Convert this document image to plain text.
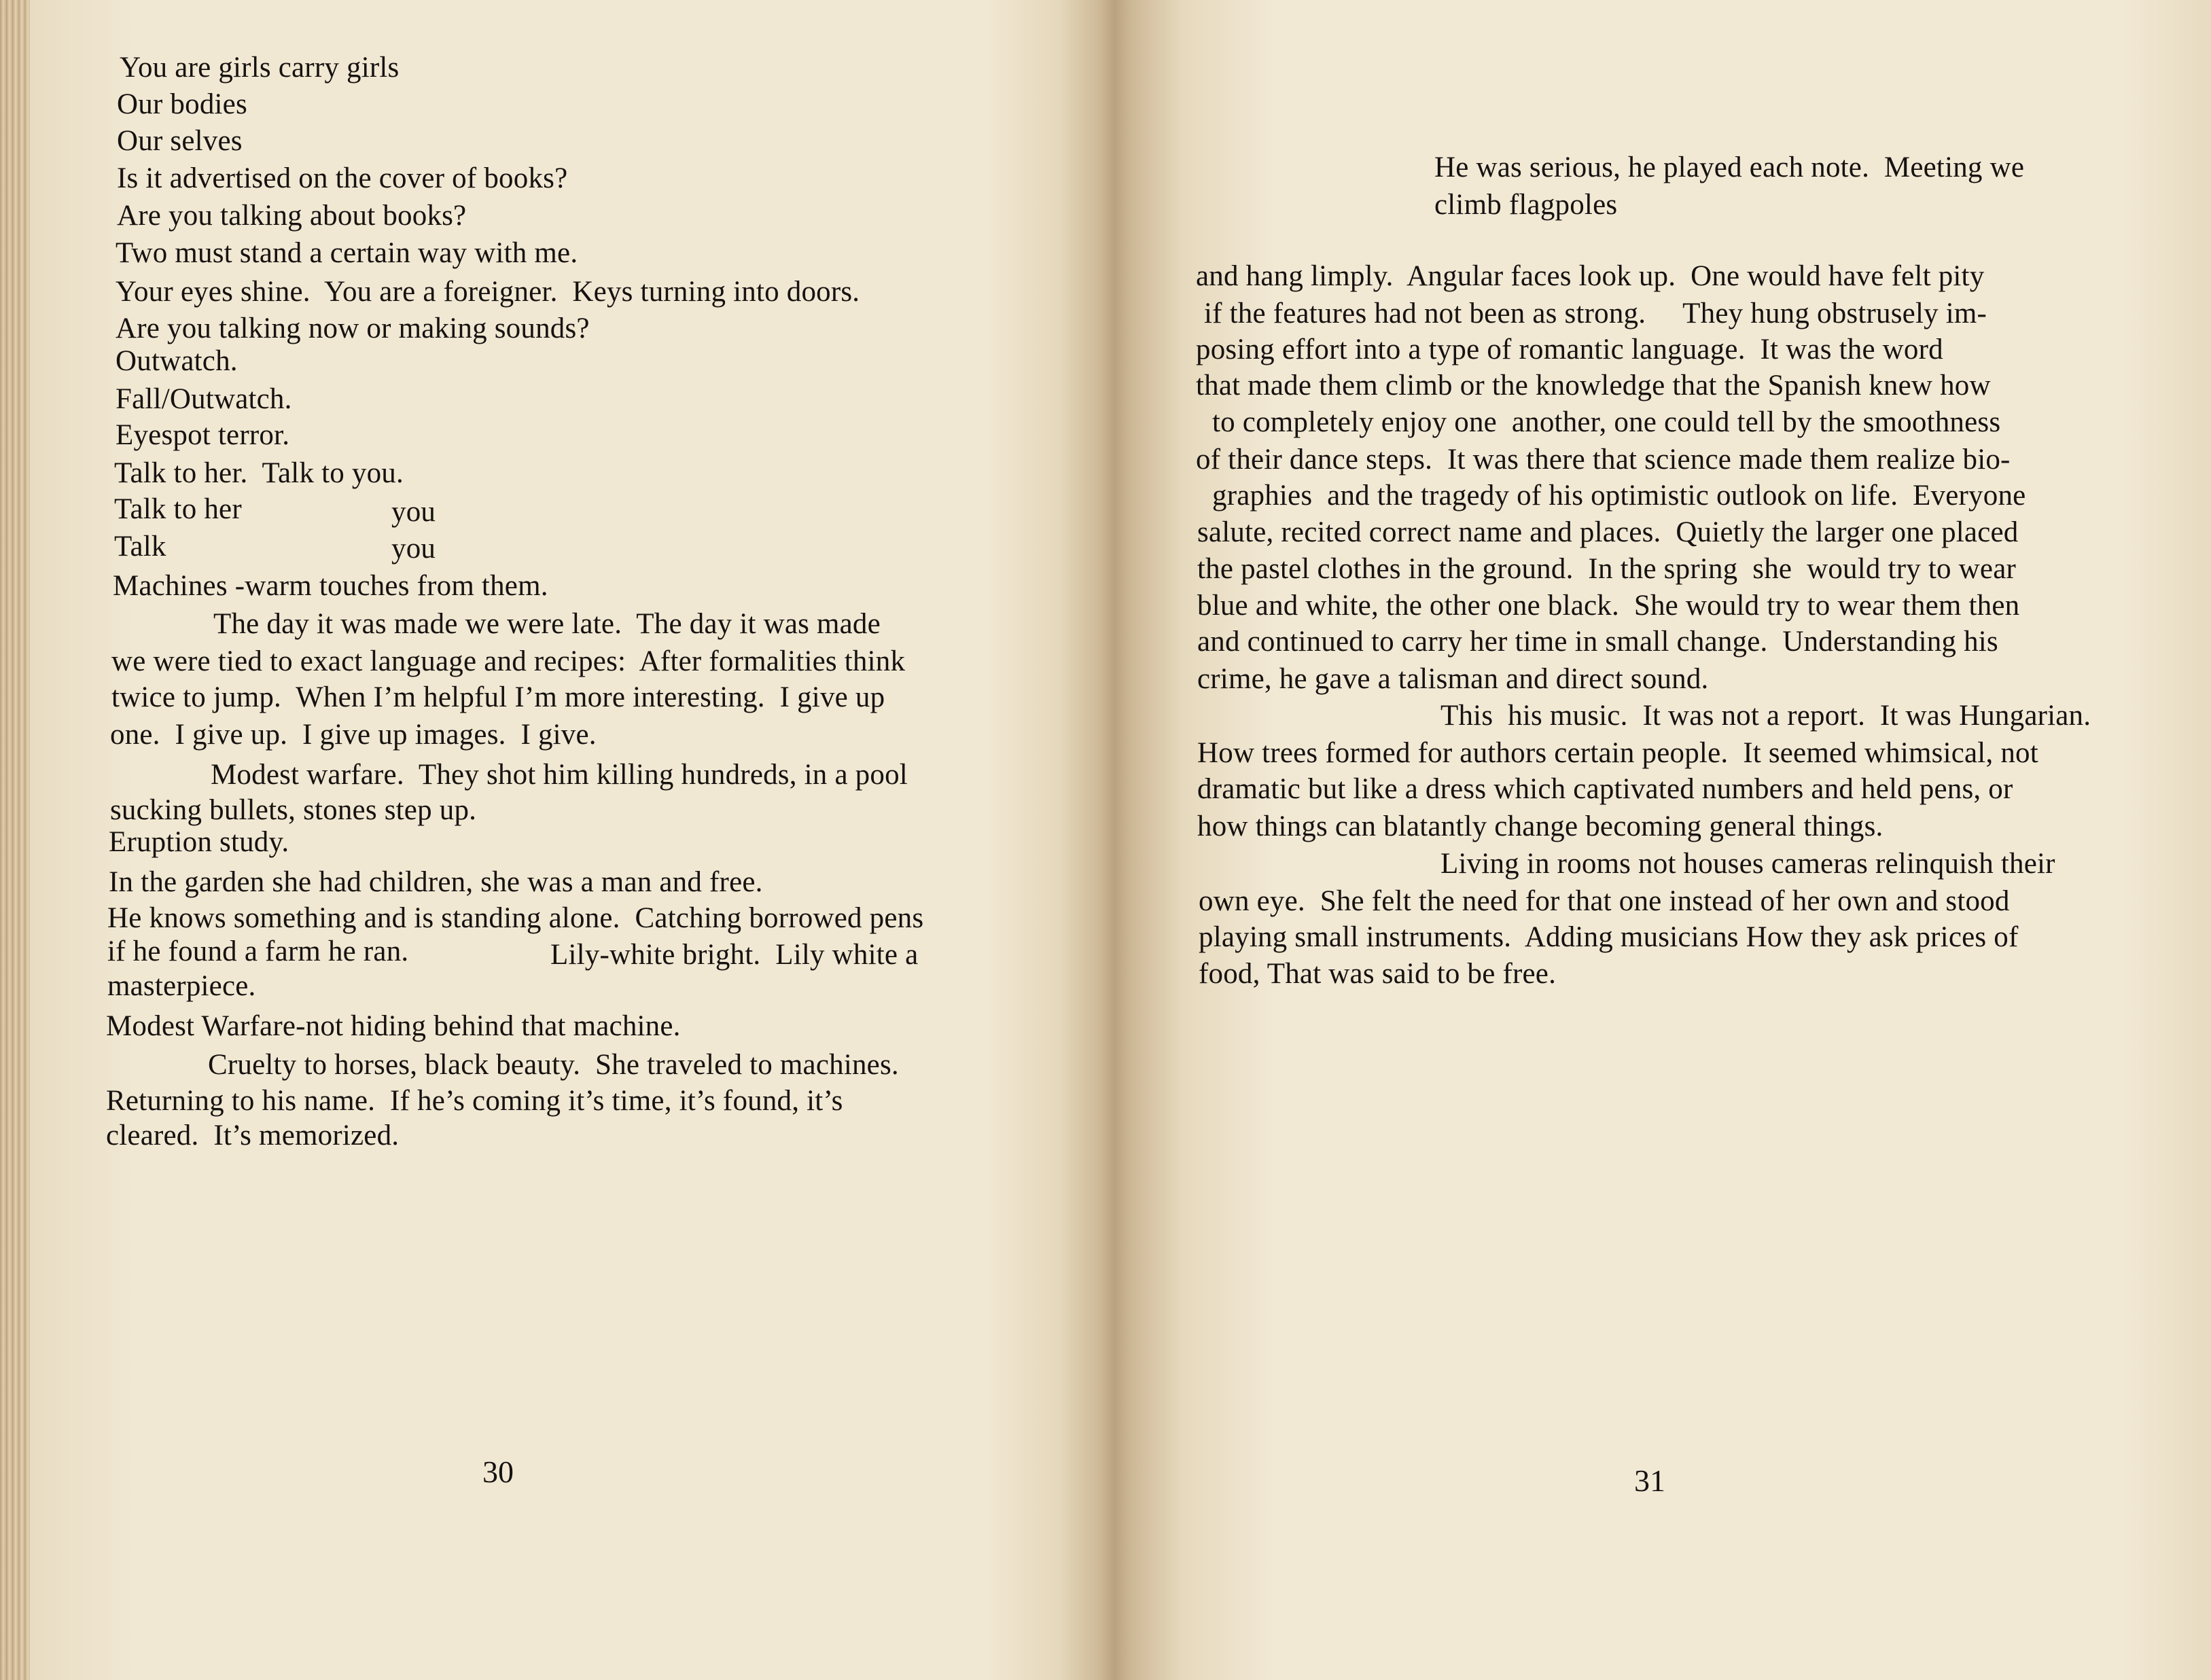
You are girls carry girls
Our bodies
Our selves
Is it advertised on the cover of books?
Are you talking about books?
Two must stand a certain way with me.
Your eyes shine.  You are a foreigner.  Keys turning into doors.
Are you talking now or making sounds?
Outwatch.
Fall/Outwatch.
Eyespot terror.
Talk to her.  Talk to you.
Talk to her	you
Talk	you
Machines -warm touches from them.
The day it was made we were late.  The day it was made
we were tied to exact language and recipes:  After formalities think
twice to jump.  When I’m helpful I’m more interesting.  I give up
one.  I give up.  I give up images.  I give.
Modest warfare.  They shot him killing hundreds, in a pool
sucking bullets, stones step up.
Eruption study.
In the garden she had children, she was a man and free.
He knows something and is standing alone.  Catching borrowed pens
if he found a farm he ran.	Lily-white bright.  Lily white a
masterpiece.
Modest Warfare-not hiding behind that machine.
Cruelty to horses, black beauty.  She traveled to machines.
Returning to his name.  If he’s coming it’s time, it’s found, it’s
cleared.  It’s memorized.
30
He was serious, he played each note.  Meeting we
climb flagpoles
and hang limply.  Angular faces look up.  One would have felt pity
if the features had not been as strong.     They hung obstrusely im-
posing effort into a type of romantic language.  It was the word
that made them climb or the knowledge that the Spanish knew how
to completely enjoy one  another, one could tell by the smoothness
of their dance steps.  It was there that science made them realize bio-
graphies  and the tragedy of his optimistic outlook on life.  Everyone
salute, recited correct name and places.  Quietly the larger one placed
the pastel clothes in the ground.  In the spring  she  would try to wear
blue and white, the other one black.  She would try to wear them then
and continued to carry her time in small change.  Understanding his
crime, he gave a talisman and direct sound.
This  his music.  It was not a report.  It was Hungarian.
How trees formed for authors certain people.  It seemed whimsical, not
dramatic but like a dress which captivated numbers and held pens, or
how things can blatantly change becoming general things.
Living in rooms not houses cameras relinquish their
own eye.  She felt the need for that one instead of her own and stood
playing small instruments.  Adding musicians How they ask prices of
food, That was said to be free.
31
